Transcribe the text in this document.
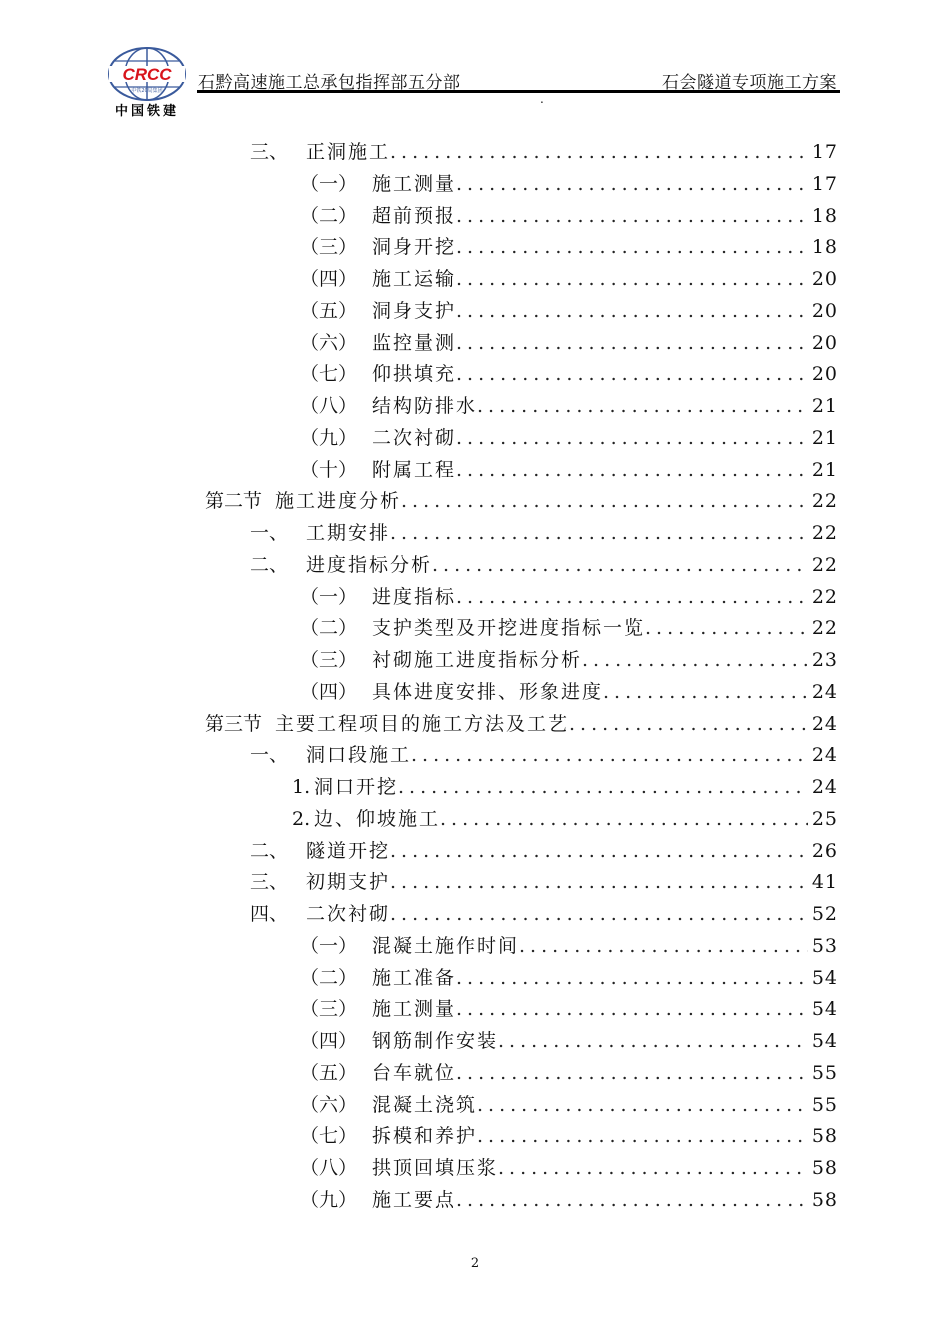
CRCC
中铁20局集团
中国铁建
石黔高速施工总承包指挥部五分部	石会隧道专项施工方案
.
三、 正洞施工 .....	17
（一） 施工测量 .....	17
（二） 超前预报 .....	18
（三） 洞身开挖 .....	18
（四） 施工运输 .....	20
（五） 洞身支护 .....	20
（六） 监控量测 .....	20
（七） 仰拱填充 .....	20
（八） 结构防排水 .....	21
（九） 二次衬砌 .....	21
（十） 附属工程 .....	21
第二节 施工进度分析 .....	22
一、 工期安排 .....	22
二、 进度指标分析 .....	22
（一） 进度指标 .....	22
（二） 支护类型及开挖进度指标一览 .....	22
（三） 衬砌施工进度指标分析 .....	23
（四） 具体进度安排、形象进度 .....	24
第三节 主要工程项目的施工方法及工艺 .....	24
一、 洞口段施工 .....	24
1. 洞口开挖 .....	24
2. 边、仰坡施工 .....	25
二、 隧道开挖 .....	26
三、 初期支护 .....	41
四、 二次衬砌 .....	52
（一） 混凝土施作时间 .....	53
（二） 施工准备 .....	54
（三） 施工测量 .....	54
（四） 钢筋制作安装 .....	54
（五） 台车就位 .....	55
（六） 混凝土浇筑 .....	55
（七） 拆模和养护 .....	58
（八） 拱顶回填压浆 .....	58
（九） 施工要点 .....	58
2
